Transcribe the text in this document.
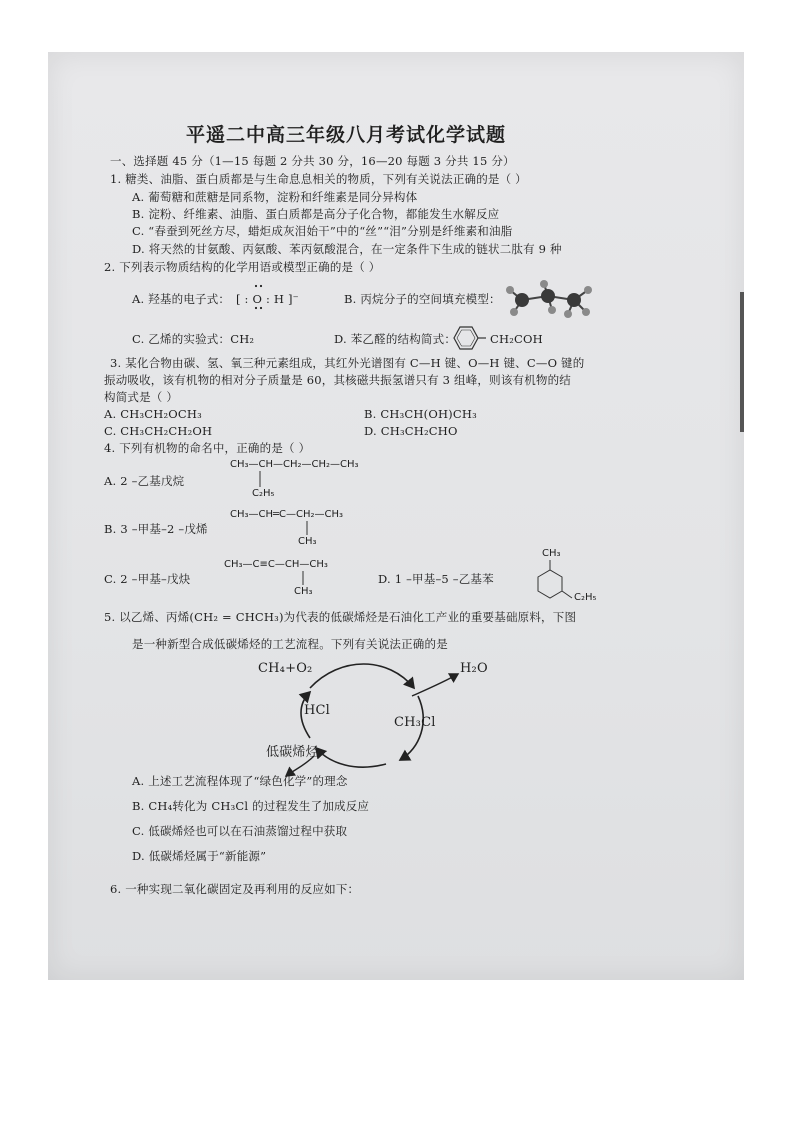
平遥二中高三年级八月考试化学试题
一、选择题 45 分（1—15 每题 2 分共 30 分，16—20 每题 3 分共 15 分）
1. 糖类、油脂、蛋白质都是与生命息息相关的物质，下列有关说法正确的是（ ）
A. 葡萄糖和蔗糖是同系物，淀粉和纤维素是同分异构体
B. 淀粉、纤维素、油脂、蛋白质都是高分子化合物，都能发生水解反应
C. “春蚕到死丝方尽，蜡炬成灰泪始干”中的“丝”“泪”分别是纤维素和油脂
D. 将天然的甘氨酸、丙氨酸、苯丙氨酸混合，在一定条件下生成的链状二肽有 9 种
2. 下列表示物质结构的化学用语或模型正确的是（ ）
A. 羟基的电子式： [ : O : H ]⁻	B. 丙烷分子的空间填充模型：
C. 乙烯的实验式：CH₂	D. 苯乙醛的结构简式：	CH₂COH
3. 某化合物由碳、氢、氧三种元素组成，其红外光谱图有 C—H 键、O—H 键、C—O 键的
振动吸收，该有机物的相对分子质量是 60，其核磁共振氢谱只有 3 组峰，则该有机物的结
构简式是（ ）
A. CH₃CH₂OCH₃	B. CH₃CH(OH)CH₃
C. CH₃CH₂CH₂OH	D. CH₃CH₂CHO
4. 下列有机物的命名中，正确的是（ ）
CH₃—CH—CH₂—CH₂—CH₃
C₂H₅
A. 2 –乙基戊烷
CH₃—CH═C—CH₂—CH₃
CH₃
B. 3 –甲基–2 –戊烯
CH₃—C≡C—CH—CH₃
CH₃
C. 2 –甲基–戊炔	D. 1 –甲基–5 –乙基苯
CH₃
C₂H₅
5. 以乙烯、丙烯(CH₂ = CHCH₃)为代表的低碳烯烃是石油化工产业的重要基础原料，下图
是一种新型合成低碳烯烃的工艺流程。下列有关说法正确的是
CH₄+O₂	H₂O
HCl
CH₃Cl
低碳烯烃
A. 上述工艺流程体现了“绿色化学”的理念
B. CH₄转化为 CH₃Cl 的过程发生了加成反应
C. 低碳烯烃也可以在石油蒸馏过程中获取
D. 低碳烯烃属于“新能源”
6. 一种实现二氧化碳固定及再利用的反应如下：
